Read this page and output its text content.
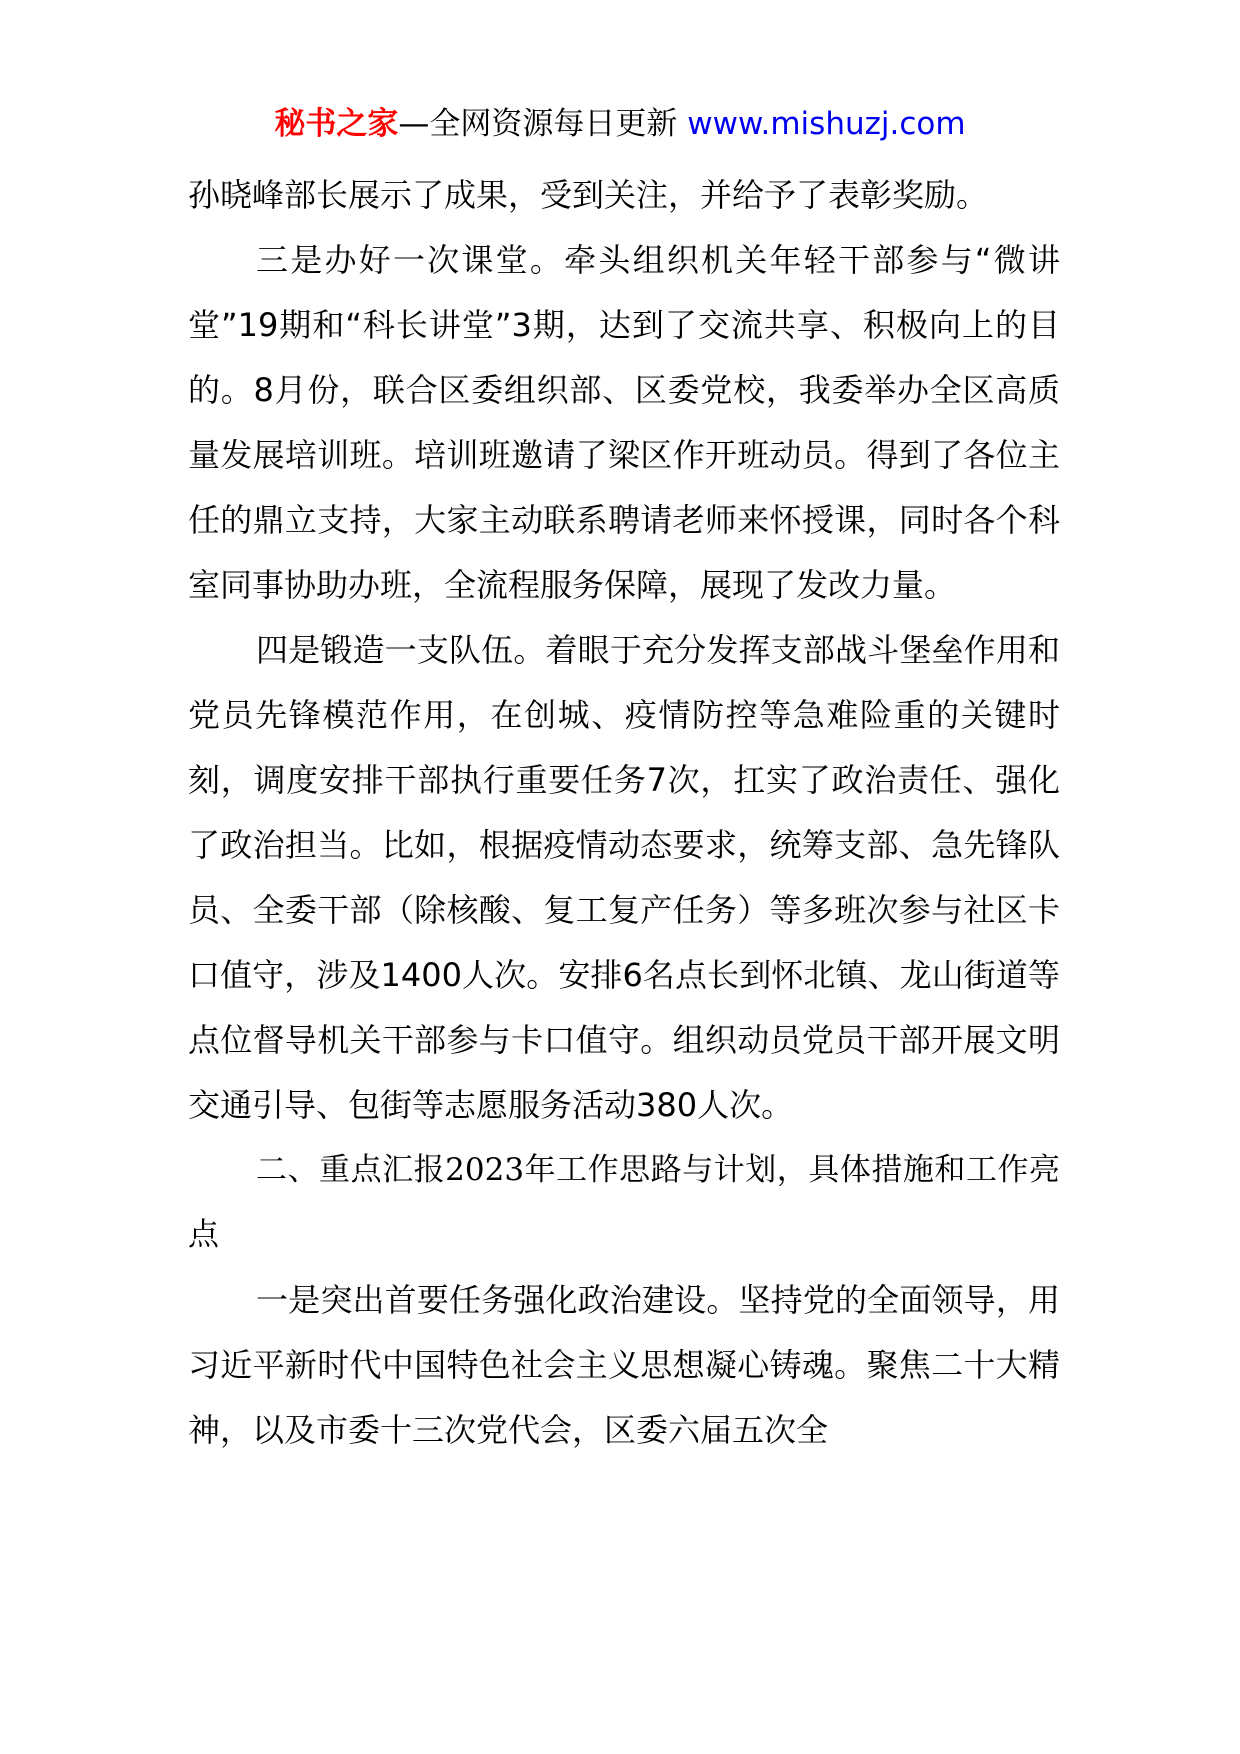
秘书之家—全网资源每日更新 www.mishuzj.com

孙晓峰部长展示了成果，受到关注，并给予了表彰奖励。

三是办好一次课堂。牵头组织机关年轻干部参与“微讲堂”19期和“科长讲堂”3期，达到了交流共享、积极向上的目的。8月份，联合区委组织部、区委党校，我委举办全区高质量发展培训班。培训班邀请了梁区作开班动员。得到了各位主任的鼎立支持，大家主动联系聘请老师来怀授课，同时各个科室同事协助办班，全流程服务保障，展现了发改力量。

四是锻造一支队伍。着眼于充分发挥支部战斗堡垒作用和党员先锋模范作用，在创城、疫情防控等急难险重的关键时刻，调度安排干部执行重要任务7次，扛实了政治责任、强化了政治担当。比如，根据疫情动态要求，统筹支部、急先锋队员、全委干部（除核酸、复工复产任务）等多班次参与社区卡口值守，涉及1400人次。安排6名点长到怀北镇、龙山街道等点位督导机关干部参与卡口值守。组织动员党员干部开展文明交通引导、包街等志愿服务活动380人次。

二、重点汇报2023年工作思路与计划，具体措施和工作亮点

一是突出首要任务强化政治建设。坚持党的全面领导，用习近平新时代中国特色社会主义思想凝心铸魂。聚焦二十大精神，以及市委十三次党代会，区委六届五次全
